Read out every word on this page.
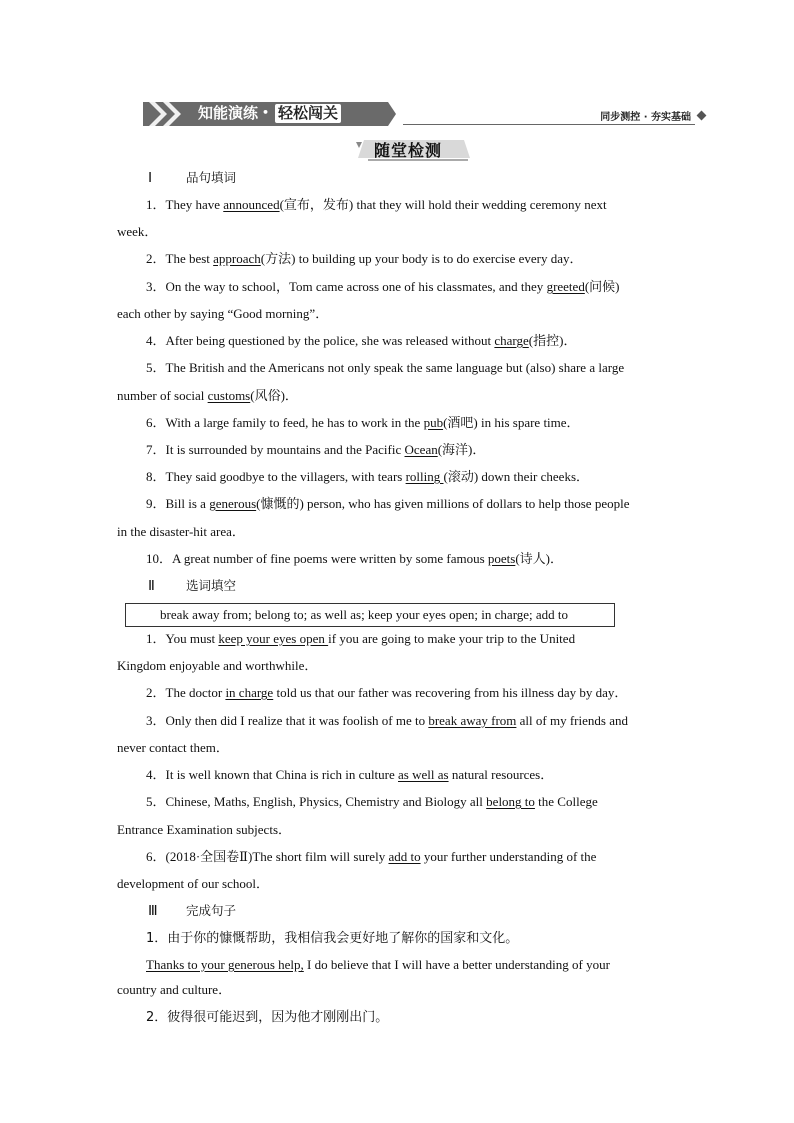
知能演练 • 轻松闯关	同步测控 · 夯实基础
随堂检测
Ⅰ	品句填词
1．They have announced(宣布，发布) that they will hold their wedding ceremony next
week．
2．The best approach(方法) to building up your body is to do exercise every day．
3．On the way to school，Tom came across one of his classmates, and they greeted(问候)
each other by saying “Good morning”．
4．After being questioned by the police, she was released without charge(指控)．
5．The British and the Americans not only speak the same language but (also) share a large
number of social customs(风俗)．
6．With a large family to feed, he has to work in the pub(酒吧) in his spare time．
7．It is surrounded by mountains and the Pacific Ocean(海洋)．
8．They said goodbye to the villagers, with tears rolling (滚动) down their cheeks．
9．Bill is a generous(慷慨的) person, who has given millions of dollars to help those people
in the disaster-hit area．
10．A great number of fine poems were written by some famous poets(诗人)．
Ⅱ 选词填空
break away from; belong to; as well as; keep your eyes open; in charge; add to
1．You must keep your eyes open if you are going to make your trip to the United
Kingdom enjoyable and worthwhile．
2．The doctor in charge told us that our father was recovering from his illness day by day．
3．Only then did I realize that it was foolish of me to break away from all of my friends and
never contact them．
4．It is well known that China is rich in culture as well as natural resources．
5．Chinese, Maths, English, Physics, Chemistry and Biology all belong to the College
Entrance Examination subjects．
6．(2018·全国卷Ⅱ)The short film will surely add to your further understanding of the
development of our school．
Ⅲ 完成句子
1．由于你的慷慨帮助，我相信我会更好地了解你的国家和文化。
Thanks to your generous help, I do believe that I will have a better understanding of your
country and culture．
2．彼得很可能迟到，因为他才刚刚出门。
